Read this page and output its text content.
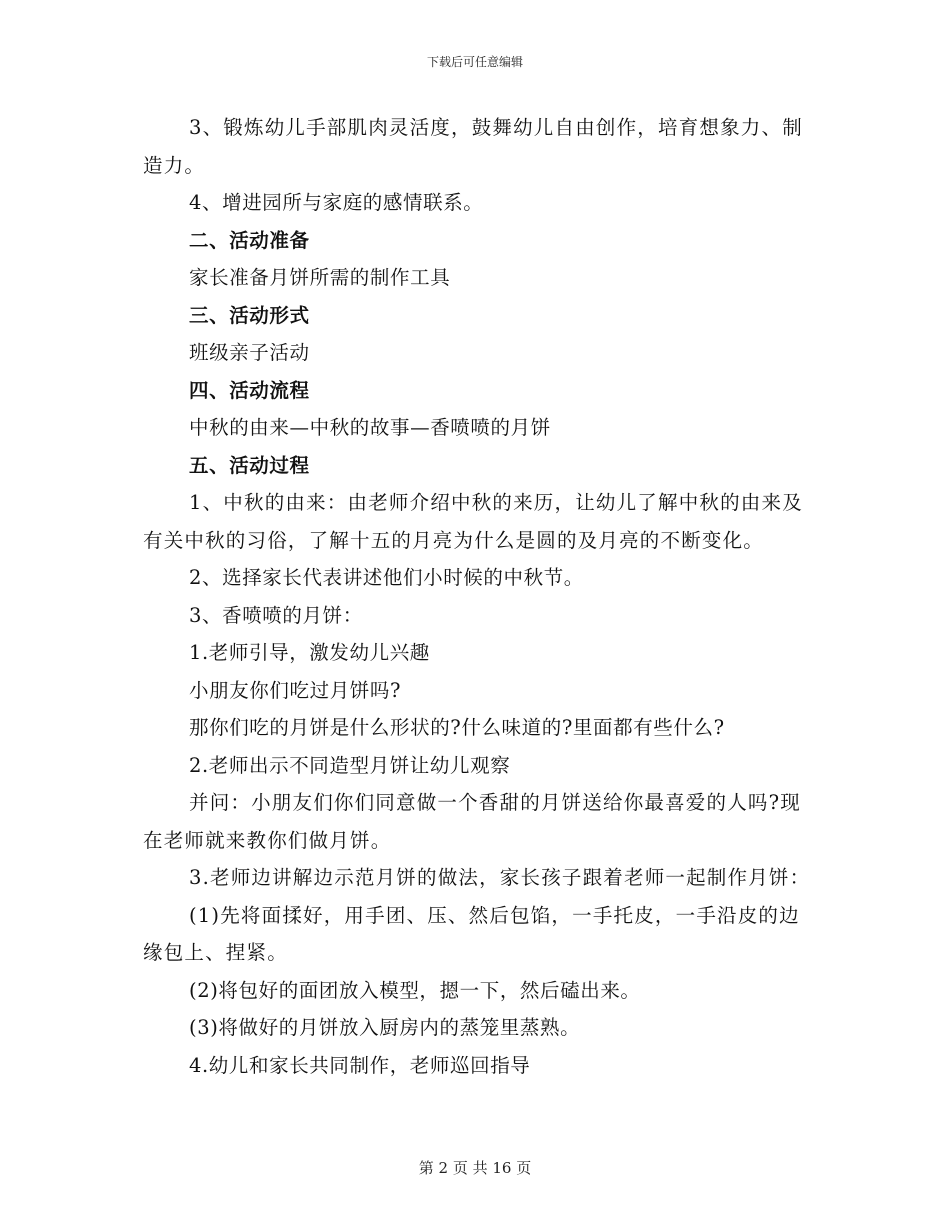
下载后可任意编辑

3、锻炼幼儿手部肌肉灵活度，鼓舞幼儿自由创作，培育想象力、制造力。

4、增进园所与家庭的感情联系。

二、活动准备

家长准备月饼所需的制作工具

三、活动形式

班级亲子活动

四、活动流程

中秋的由来—中秋的故事—香喷喷的月饼

五、活动过程

1、中秋的由来：由老师介绍中秋的来历，让幼儿了解中秋的由来及有关中秋的习俗，了解十五的月亮为什么是圆的及月亮的不断变化。

2、选择家长代表讲述他们小时候的中秋节。

3、香喷喷的月饼：

1.老师引导，激发幼儿兴趣

小朋友你们吃过月饼吗?

那你们吃的月饼是什么形状的?什么味道的?里面都有些什么?

2.老师出示不同造型月饼让幼儿观察

并问：小朋友们你们同意做一个香甜的月饼送给你最喜爱的人吗?现在老师就来教你们做月饼。

3.老师边讲解边示范月饼的做法，家长孩子跟着老师一起制作月饼：

(1)先将面揉好，用手团、压、然后包馅，一手托皮，一手沿皮的边缘包上、捏紧。

(2)将包好的面团放入模型，摁一下，然后磕出来。

(3)将做好的月饼放入厨房内的蒸笼里蒸熟。

4.幼儿和家长共同制作，老师巡回指导

第 2 页 共 16 页
